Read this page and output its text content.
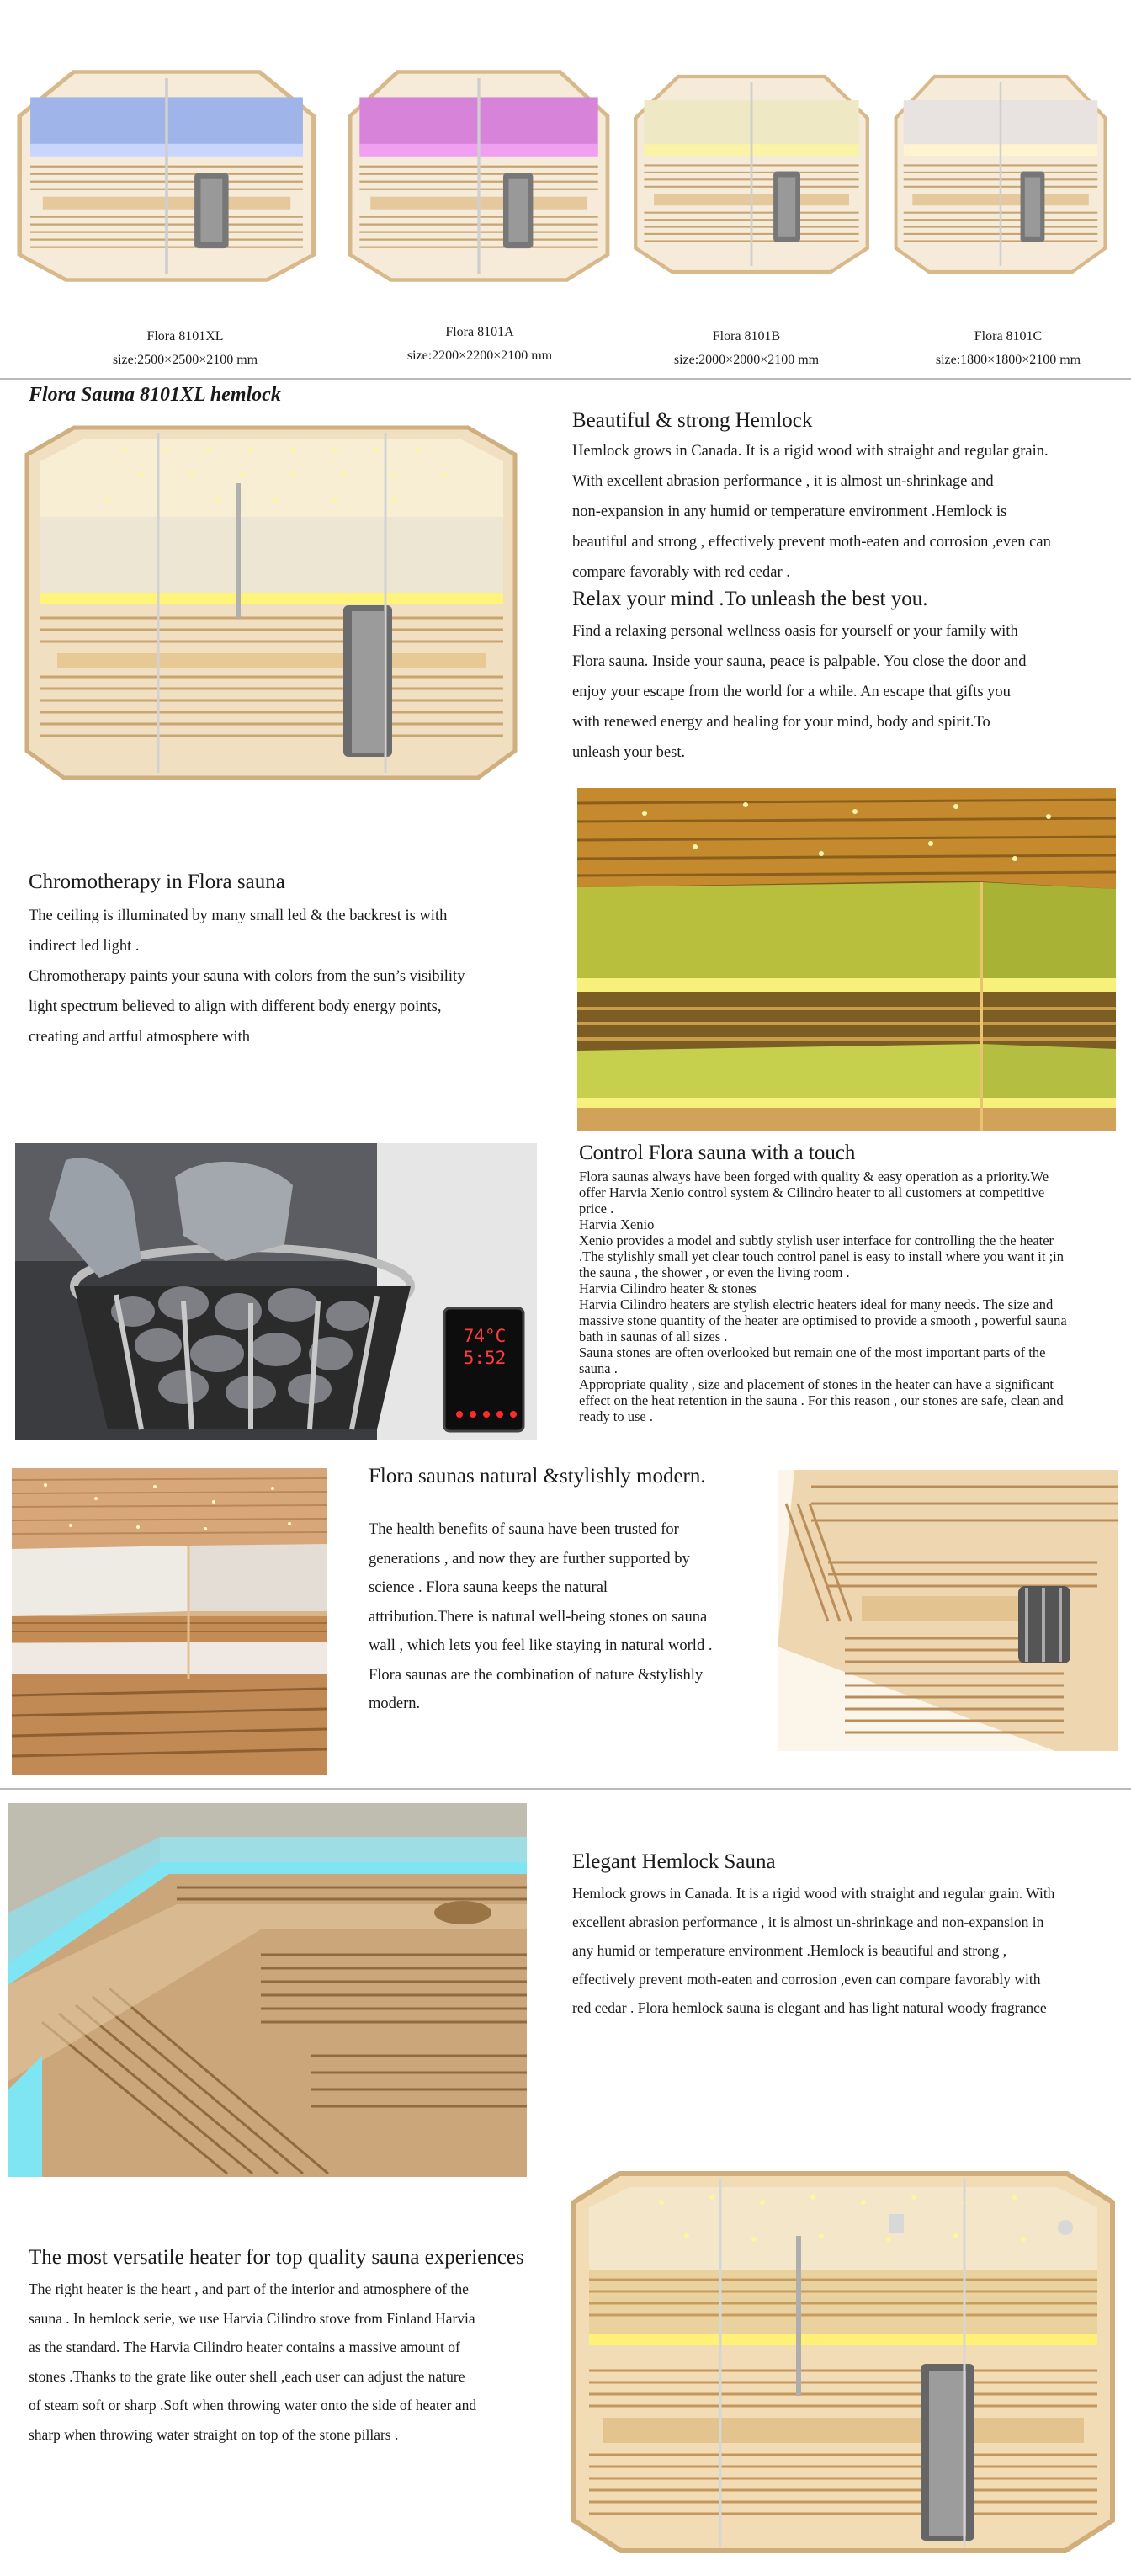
Flora 8101XL
size:2500×2500×2100 mm
Flora 8101A
size:2200×2200×2100 mm
Flora 8101B
size:2000×2000×2100 mm
Flora 8101C
size:1800×1800×2100 mm
Flora Sauna 8101XL hemlock
Beautiful & strong Hemlock

Hemlock grows in Canada. It is a rigid wood with straight and regular grain.

With excellent abrasion performance , it is almost un-shrinkage and

non-expansion in any humid or temperature environment .Hemlock is

beautiful and strong , effectively prevent moth-eaten and corrosion ,even can

compare favorably with red cedar .

Relax your mind .To unleash the best you.

Find a relaxing personal wellness oasis for yourself or your family with

Flora sauna. Inside your sauna, peace is palpable. You close the door and

enjoy your escape from the world for a while. An escape that gifts you

with renewed energy and healing for your mind, body and spirit.To

unleash your best.

Chromotherapy in Flora sauna

The ceiling is illuminated by many small led & the backrest is with

indirect led light .

Chromotherapy paints your sauna with colors from the sun’s visibility

light spectrum believed to align with different body energy points,

creating and artful atmosphere with

74°C
5:52
Control Flora sauna with a touch

Flora saunas always have been forged with quality & easy operation as a priority.We

offer Harvia Xenio control system & Cilindro heater to all customers at competitive

price .

Harvia Xenio

Xenio provides a model and subtly stylish user interface for controlling the the heater

.The stylishly small yet clear touch control panel is easy to install where you want it ;in

the sauna , the shower , or even the living room .

Harvia Cilindro heater & stones

Harvia Cilindro heaters are stylish electric heaters ideal for many needs. The size and

massive stone quantity of the heater are optimised to provide a smooth , powerful sauna

bath in saunas of all sizes .

Sauna stones are often overlooked but remain one of the most important parts of the

sauna .

Appropriate quality , size and placement of stones in the heater can have a significant

effect on the heat retention in the sauna . For this reason , our stones are safe, clean and

ready to use .

Flora saunas natural &stylishly modern.

The health benefits of sauna have been trusted for

generations , and now they are further supported by

science . Flora sauna keeps the natural

attribution.There is natural well-being stones on sauna

wall , which lets you feel like staying in natural world .

Flora saunas are the combination of nature &stylishly

modern.

Elegant Hemlock Sauna

Hemlock grows in Canada. It is a rigid wood with straight and regular grain. With

excellent abrasion performance , it is almost un-shrinkage and non-expansion in

any humid or temperature environment .Hemlock is beautiful and strong ,

effectively prevent moth-eaten and corrosion ,even can compare favorably with

red cedar . Flora hemlock sauna is elegant and has light natural woody fragrance

The most versatile heater for top quality sauna experiences

The right heater is the heart , and part of the interior and atmosphere of the

sauna . In hemlock serie, we use Harvia Cilindro stove from Finland Harvia

as the standard. The Harvia Cilindro heater contains a massive amount of

stones .Thanks to the grate like outer shell ,each user can adjust the nature

of steam soft or sharp .Soft when throwing water onto the side of heater and

sharp when throwing water straight on top of the stone pillars .
